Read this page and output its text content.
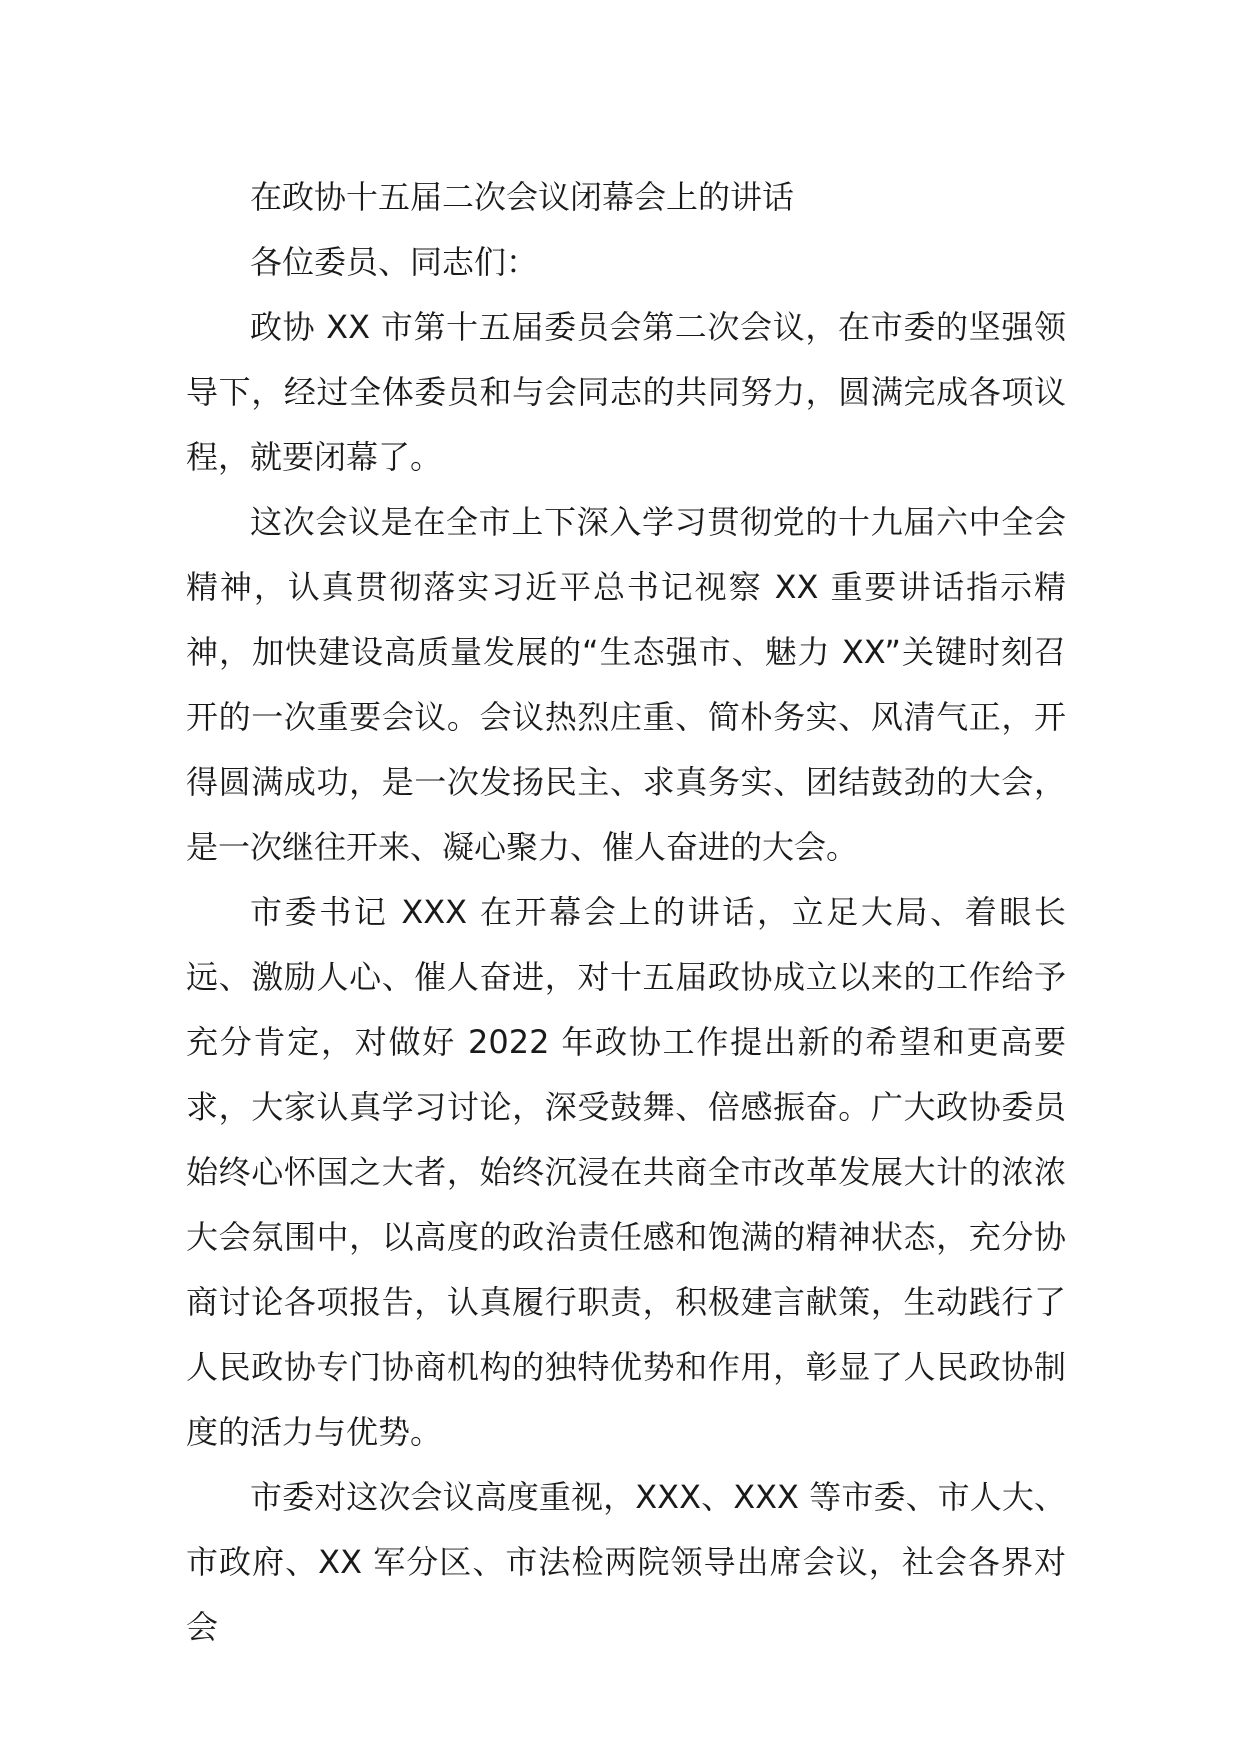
在政协十五届二次会议闭幕会上的讲话

各位委员、同志们：

政协 XX 市第十五届委员会第二次会议，在市委的坚强领导下，经过全体委员和与会同志的共同努力，圆满完成各项议程，就要闭幕了。

这次会议是在全市上下深入学习贯彻党的十九届六中全会精神，认真贯彻落实习近平总书记视察 XX 重要讲话指示精神，加快建设高质量发展的“生态强市、魅力 XX”关键时刻召开的一次重要会议。会议热烈庄重、简朴务实、风清气正，开得圆满成功，是一次发扬民主、求真务实、团结鼓劲的大会，是一次继往开来、凝心聚力、催人奋进的大会。

市委书记 XXX 在开幕会上的讲话，立足大局、着眼长远、激励人心、催人奋进，对十五届政协成立以来的工作给予充分肯定，对做好 2022 年政协工作提出新的希望和更高要求，大家认真学习讨论，深受鼓舞、倍感振奋。广大政协委员始终心怀国之大者，始终沉浸在共商全市改革发展大计的浓浓大会氛围中，以高度的政治责任感和饱满的精神状态，充分协商讨论各项报告，认真履行职责，积极建言献策，生动践行了人民政协专门协商机构的独特优势和作用，彰显了人民政协制度的活力与优势。

市委对这次会议高度重视，XXX、XXX 等市委、市人大、市政府、XX 军分区、市法检两院领导出席会议，社会各界对会
